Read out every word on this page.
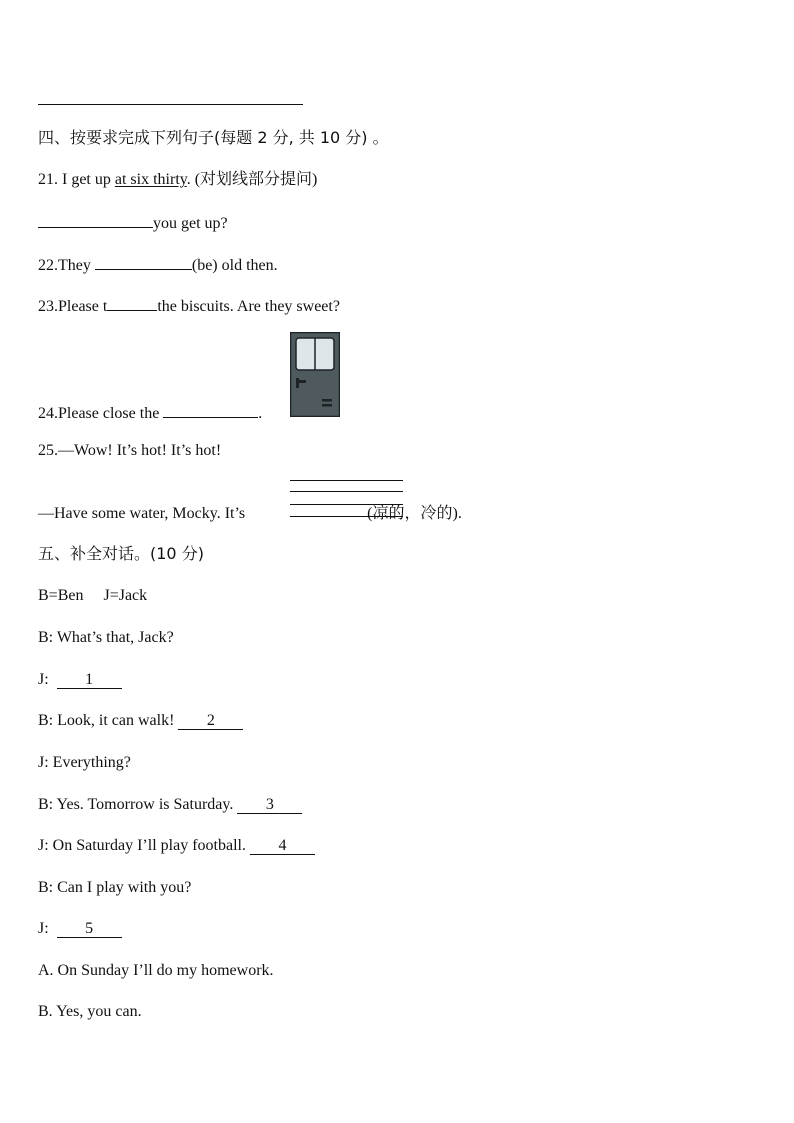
四、按要求完成下列句子(每题 2 分, 共 10 分) 。
21. I get up at six thirty. (对划线部分提问)
you get up?
22.They	(be) old then.
23.Please t	the biscuits. Are they sweet?
24.Please close the	.
25.—Wow! It’s hot! It’s hot!
—Have some water, Mocky. It’s	(凉的，冷的).
五、补全对话。(10 分)
B=Ben     J=Jack
B: What’s that, Jack?
J:  1
B: Look, it can walk! 2
J: Everything?
B: Yes. Tomorrow is Saturday. 3
J: On Saturday I’ll play football. 4
B: Can I play with you?
J:  5
A. On Sunday I’ll do my homework.
B. Yes, you can.
